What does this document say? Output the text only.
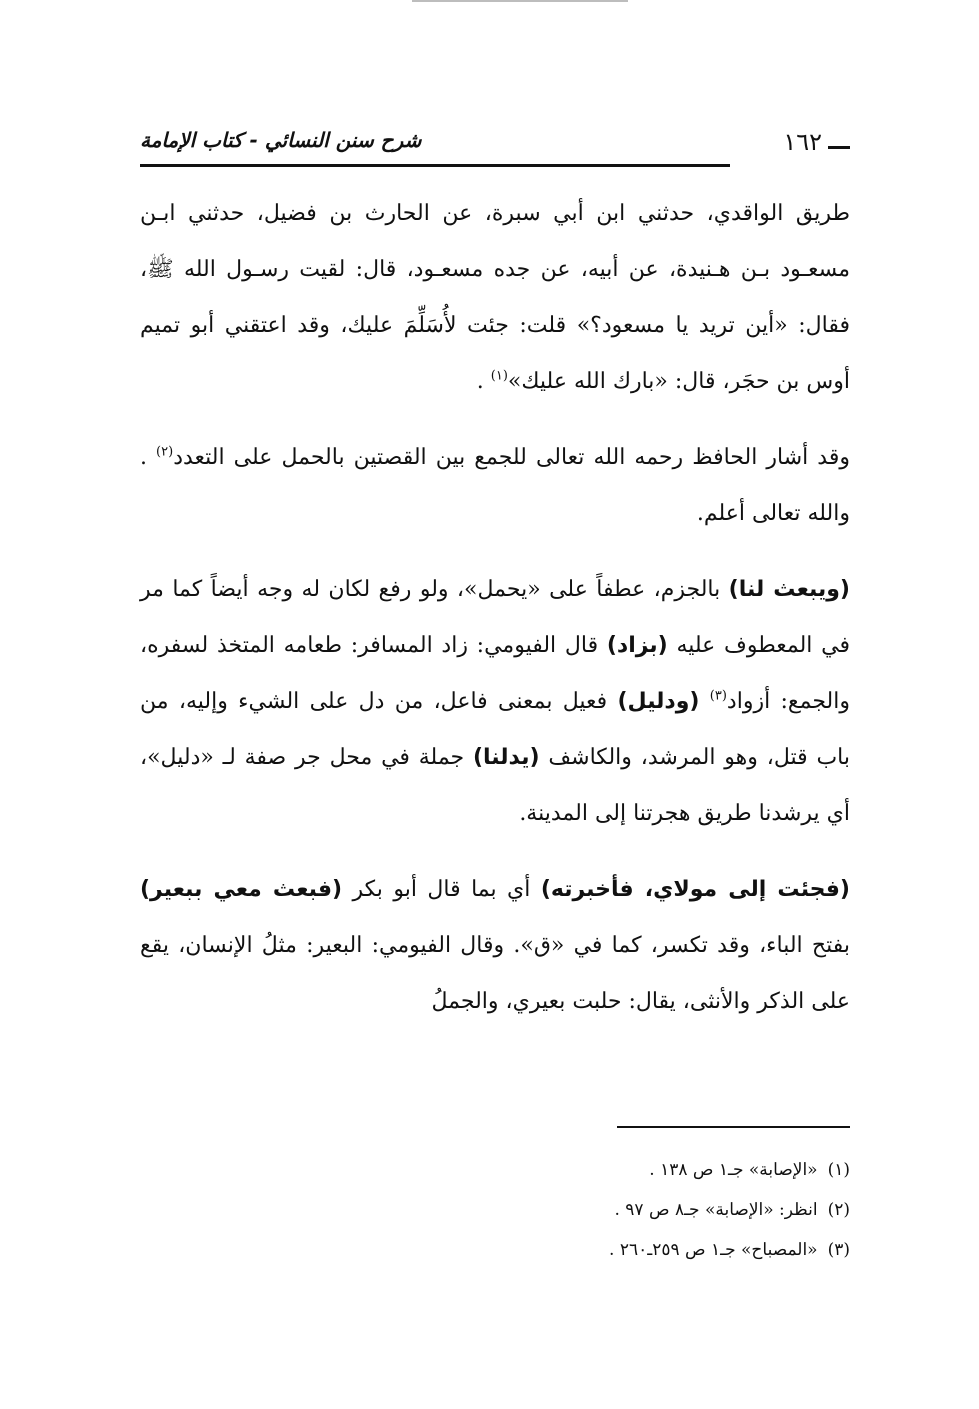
شرح سنن النسائي - كتاب الإمامة	١٦٢

طريق الواقدي، حدثني ابن أبي سبرة، عن الحارث بن فضيل، حدثني ابـن مسعـود بـن هـنيدة، عن أبيه، عن جده مسعـود، قال: لقيت رسـول الله ﷺ، فقال: «أين تريد يا مسعود؟» قلت: جئت لأُسَلِّمَ عليك، وقد اعتقني أبو تميم أوس بن حجَر، قال: «بارك الله عليك»$^{(١)}$ .

وقد أشار الحافظ رحمه الله تعالى للجمع بين القصتين بالحمل على التعدد$^{(٢)}$ . والله تعالى أعلم.

(ويبعث لنا) بالجزم، عطفاً على «يحمل»، ولو رفع لكان له وجه أيضاً كما مر في المعطوف عليه (بزاد) قال الفيومي: زاد المسافر: طعامه المتخذ لسفره، والجمع: أزواد$^{(٣)}$ (ودليل) فعيل بمعنى فاعل، من دل على الشيء وإليه، من باب قتل، وهو المرشد، والكاشف (يدلنا) جملة في محل جر صفة لـ «دليل»، أي يرشدنا طريق هجرتنا إلى المدينة.

(فجئت إلى مولاي، فأخبرته) أي بما قال أبو بكر (فبعث معي ببعير) بفتح الباء، وقد تكسر، كما في «ق». وقال الفيومي: البعير: مثلُ الإنسان، يقع على الذكر والأنثى، يقال: حلبت بعيري، والجملُ

(١)«الإصابة» جـ١ ص ١٣٨ .
(٢)انظر: «الإصابة» جـ٨ ص ٩٧ .
(٣)«المصباح» جـ١ ص ٢٥٩ـ٢٦٠ .
